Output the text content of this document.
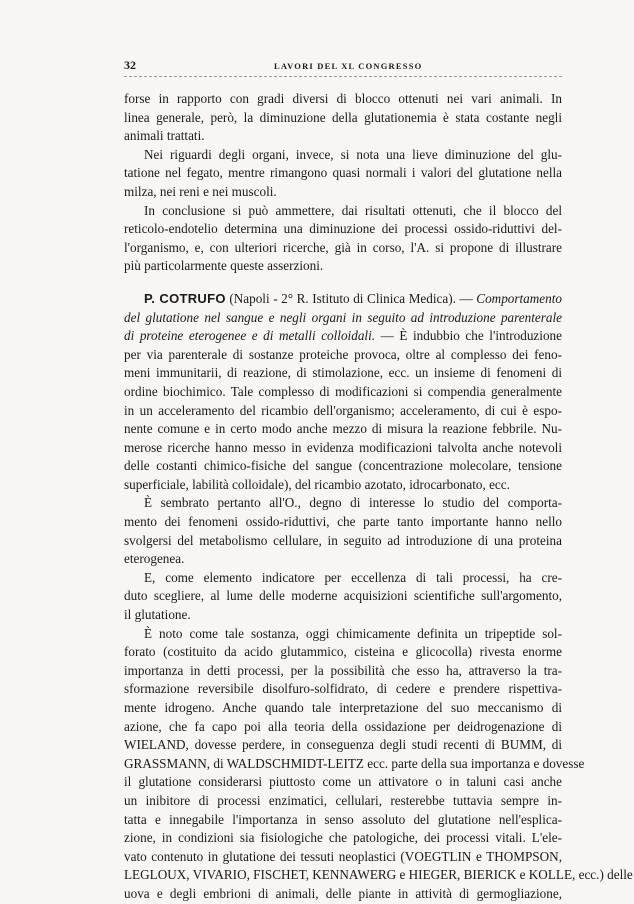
32	LAVORI DEL XL CONGRESSO
forse in rapporto con gradi diversi di blocco ottenuti nei vari animali. In
linea generale, però, la diminuzione della glutationemia è stata costante negli
animali trattati.
Nei riguardi degli organi, invece, si nota una lieve diminuzione del glu-
tatione nel fegato, mentre rimangono quasi normali i valori del glutatione nella
milza, nei reni e nei muscoli.
In conclusione si può ammettere, dai risultati ottenuti, che il blocco del
reticolo-endotelio determina una diminuzione dei processi ossido-riduttivi del-
l'organismo, e, con ulteriori ricerche, già in corso, l'A. si propone di illustrare
più particolarmente queste asserzioni.
P. COTRUFO (Napoli - 2° R. Istituto di Clinica Medica). — Comportamento
del glutatione nel sangue e negli organi in seguito ad introduzione parenterale
di proteine eterogenee e di metalli colloidali. — È indubbio che l'introduzione
per via parenterale di sostanze proteiche provoca, oltre al complesso dei feno-
meni immunitarii, di reazione, di stimolazione, ecc. un insieme di fenomeni di
ordine biochimico. Tale complesso di modificazioni si compendia generalmente
in un acceleramento del ricambio dell'organismo; acceleramento, di cui è espo-
nente comune e in certo modo anche mezzo di misura la reazione febbrile. Nu-
merose ricerche hanno messo in evidenza modificazioni talvolta anche notevoli
delle costanti chimico-fisiche del sangue (concentrazione molecolare, tensione
superficiale, labilità colloidale), del ricambio azotato, idrocarbonato, ecc.
È sembrato pertanto all'O., degno di interesse lo studio del comporta-
mento dei fenomeni ossido-riduttivi, che parte tanto importante hanno nello
svolgersi del metabolismo cellulare, in seguito ad introduzione di una proteina
eterogenea.
E, come elemento indicatore per eccellenza di tali processi, ha cre-
duto scegliere, al lume delle moderne acquisizioni scientifiche sull'argomento,
il glutatione.
È noto come tale sostanza, oggi chimicamente definita un tripeptide sol-
forato (costituito da acido glutammico, cisteina e glicocolla) rivesta enorme
importanza in detti processi, per la possibilità che esso ha, attraverso la tra-
sformazione reversibile disolfuro-solfidrato, di cedere e prendere rispettiva-
mente idrogeno. Anche quando tale interpretazione del suo meccanismo di
azione, che fa capo poi alla teoria della ossidazione per deidrogenazione di
WIELAND, dovesse perdere, in conseguenza degli studi recenti di BUMM, di
GRASSMANN, di WALDSCHMIDT-LEITZ ecc. parte della sua importanza e dovesse
il glutatione considerarsi piuttosto come un attivatore o in taluni casi anche
un inibitore di processi enzimatici, cellulari, resterebbe tuttavia sempre in-
tatta e innegabile l'importanza in senso assoluto del glutatione nell'esplica-
zione, in condizioni sia fisiologiche che patologiche, dei processi vitali. L'ele-
vato contenuto in glutatione dei tessuti neoplastici (VOEGTLIN e THOMPSON,
LEGLOUX, VIVARIO, FISCHET, KENNAWERG e HIEGER, BIERICK e KOLLE, ecc.) delle
uova e degli embrioni di animali, delle piante in attività di germogliazione,
